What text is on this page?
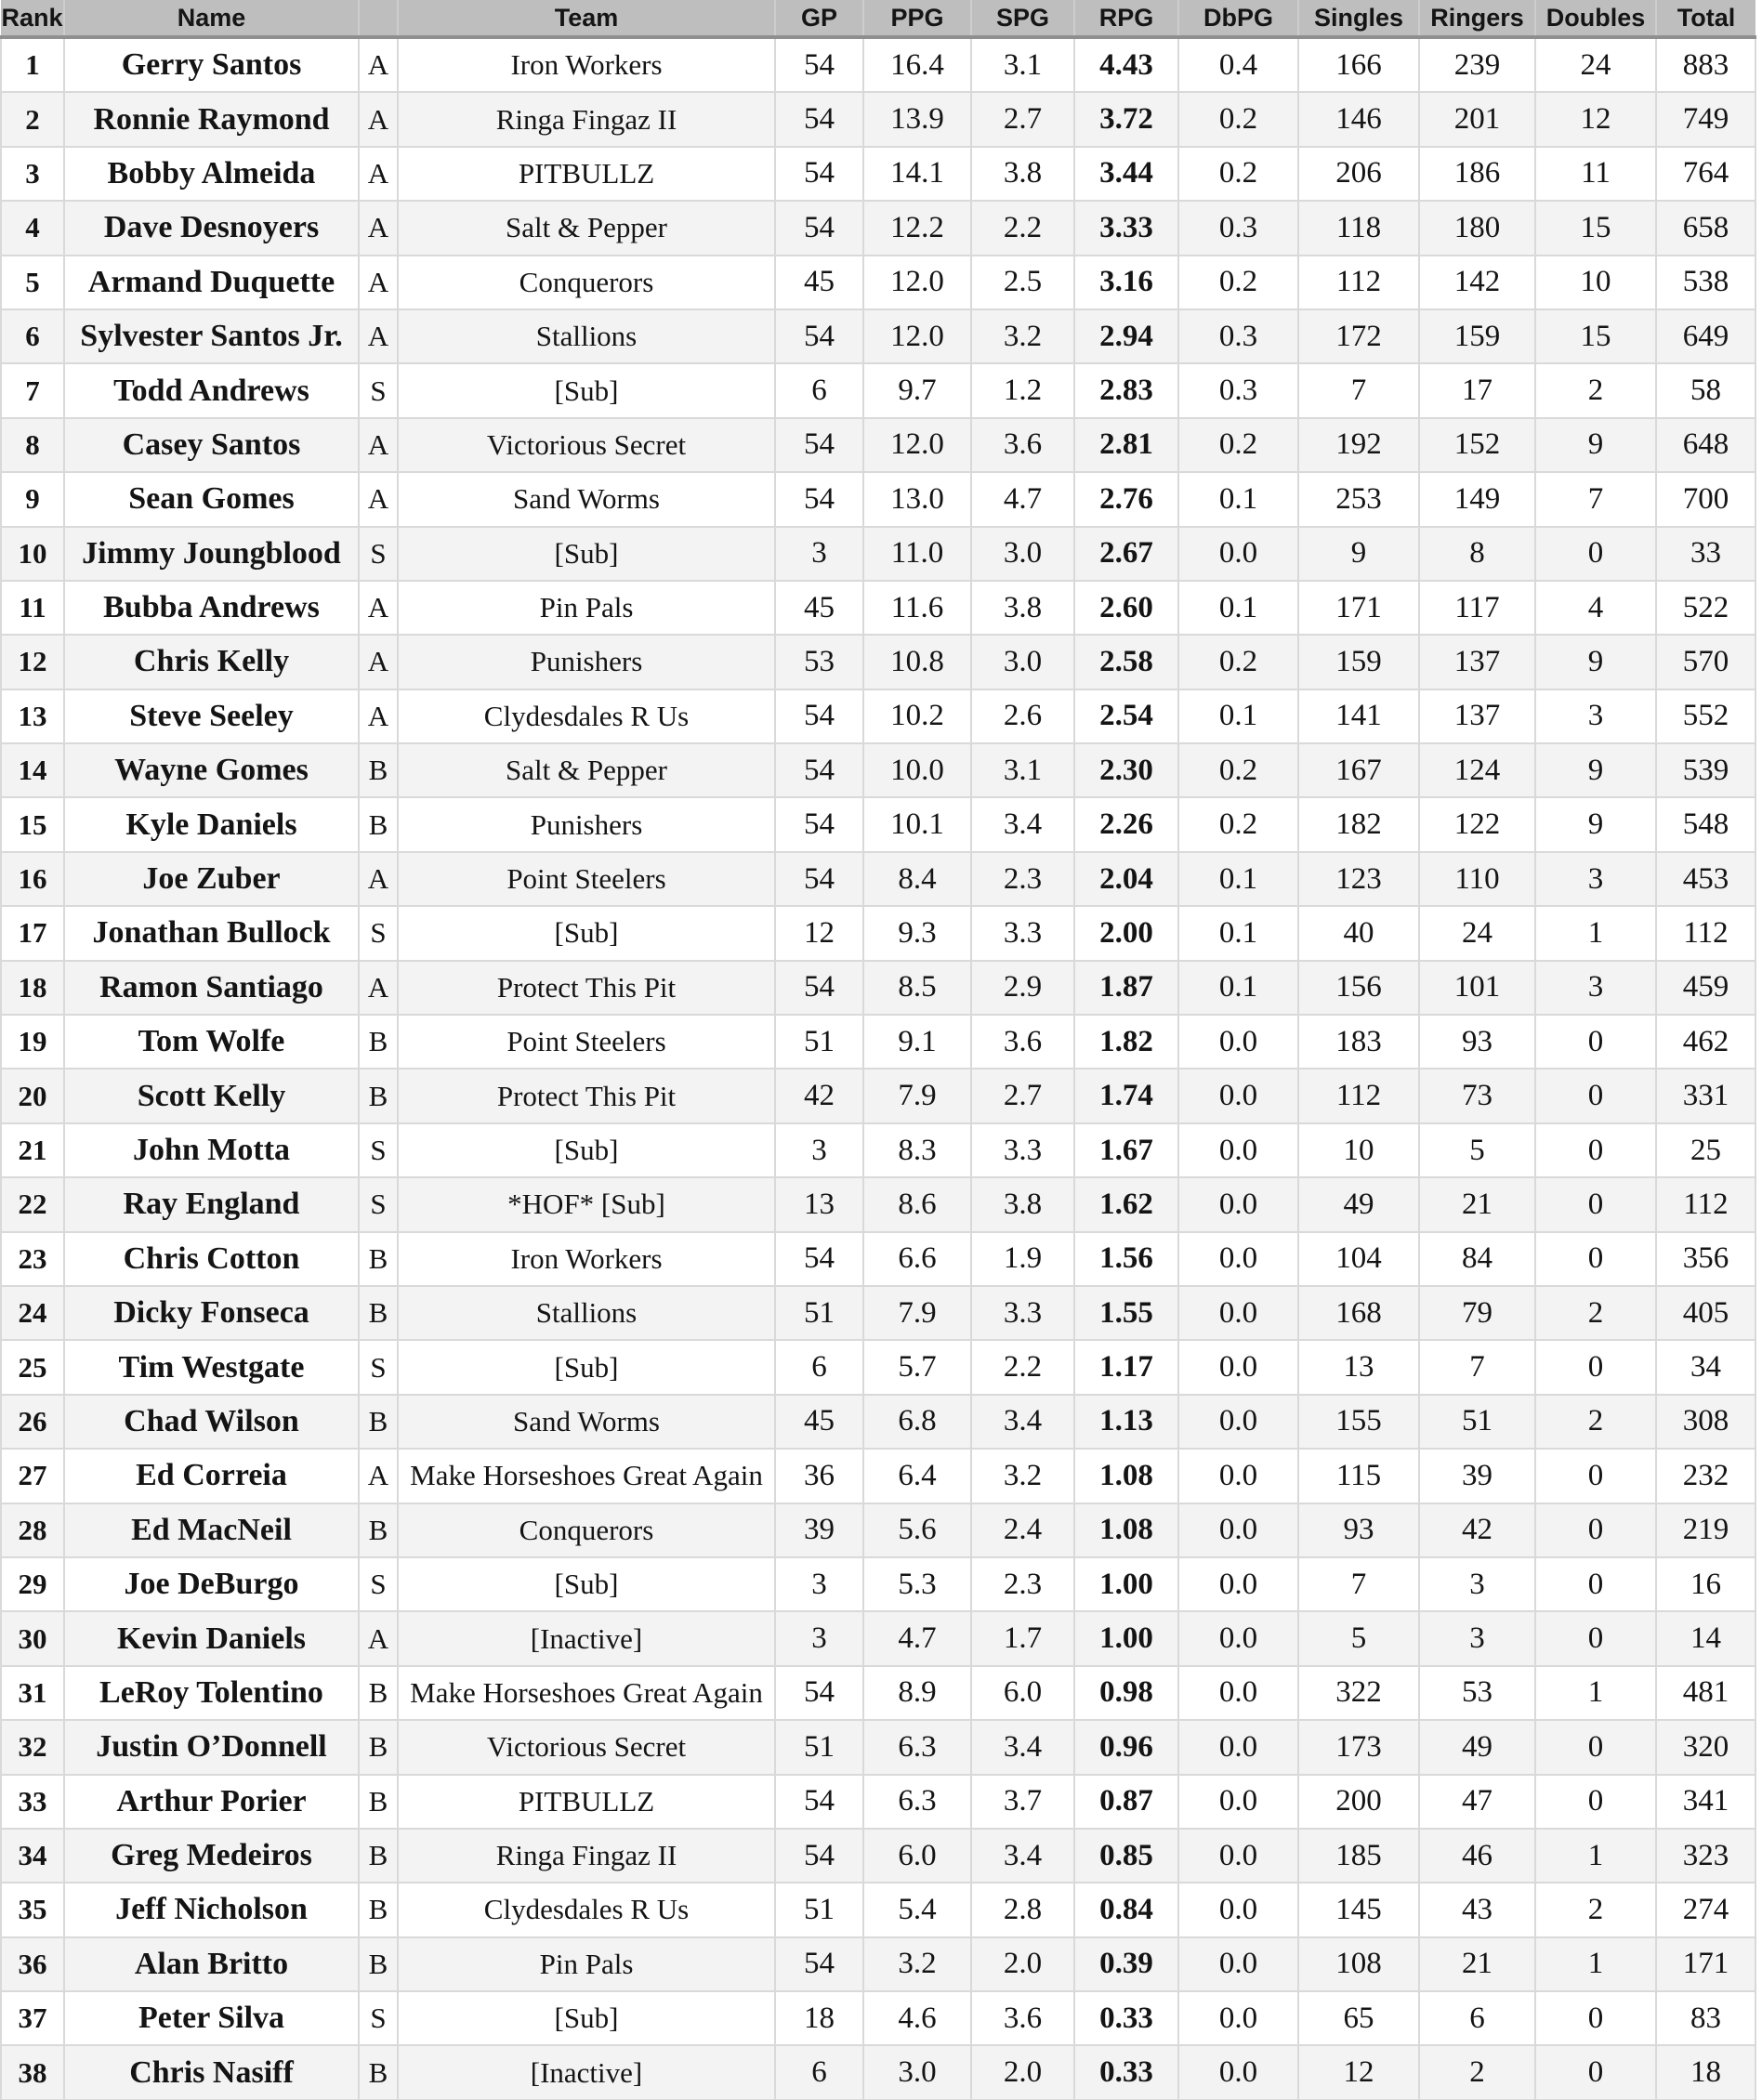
Rank	Name		Team	GP	PPG	SPG	RPG	DbPG	Singles	Ringers	Doubles	Total
1	Gerry Santos	A	Iron Workers	54	16.4	3.1	4.43	0.4	166	239	24	883
2	Ronnie Raymond	A	Ringa Fingaz II	54	13.9	2.7	3.72	0.2	146	201	12	749
3	Bobby Almeida	A	PITBULLZ	54	14.1	3.8	3.44	0.2	206	186	11	764
4	Dave Desnoyers	A	Salt & Pepper	54	12.2	2.2	3.33	0.3	118	180	15	658
5	Armand Duquette	A	Conquerors	45	12.0	2.5	3.16	0.2	112	142	10	538
6	Sylvester Santos Jr.	A	Stallions	54	12.0	3.2	2.94	0.3	172	159	15	649
7	Todd Andrews	S	[Sub]	6	9.7	1.2	2.83	0.3	7	17	2	58
8	Casey Santos	A	Victorious Secret	54	12.0	3.6	2.81	0.2	192	152	9	648
9	Sean Gomes	A	Sand Worms	54	13.0	4.7	2.76	0.1	253	149	7	700
10	Jimmy Joungblood	S	[Sub]	3	11.0	3.0	2.67	0.0	9	8	0	33
11	Bubba Andrews	A	Pin Pals	45	11.6	3.8	2.60	0.1	171	117	4	522
12	Chris Kelly	A	Punishers	53	10.8	3.0	2.58	0.2	159	137	9	570
13	Steve Seeley	A	Clydesdales R Us	54	10.2	2.6	2.54	0.1	141	137	3	552
14	Wayne Gomes	B	Salt & Pepper	54	10.0	3.1	2.30	0.2	167	124	9	539
15	Kyle Daniels	B	Punishers	54	10.1	3.4	2.26	0.2	182	122	9	548
16	Joe Zuber	A	Point Steelers	54	8.4	2.3	2.04	0.1	123	110	3	453
17	Jonathan Bullock	S	[Sub]	12	9.3	3.3	2.00	0.1	40	24	1	112
18	Ramon Santiago	A	Protect This Pit	54	8.5	2.9	1.87	0.1	156	101	3	459
19	Tom Wolfe	B	Point Steelers	51	9.1	3.6	1.82	0.0	183	93	0	462
20	Scott Kelly	B	Protect This Pit	42	7.9	2.7	1.74	0.0	112	73	0	331
21	John Motta	S	[Sub]	3	8.3	3.3	1.67	0.0	10	5	0	25
22	Ray England	S	*HOF* [Sub]	13	8.6	3.8	1.62	0.0	49	21	0	112
23	Chris Cotton	B	Iron Workers	54	6.6	1.9	1.56	0.0	104	84	0	356
24	Dicky Fonseca	B	Stallions	51	7.9	3.3	1.55	0.0	168	79	2	405
25	Tim Westgate	S	[Sub]	6	5.7	2.2	1.17	0.0	13	7	0	34
26	Chad Wilson	B	Sand Worms	45	6.8	3.4	1.13	0.0	155	51	2	308
27	Ed Correia	A	Make Horseshoes Great Again	36	6.4	3.2	1.08	0.0	115	39	0	232
28	Ed MacNeil	B	Conquerors	39	5.6	2.4	1.08	0.0	93	42	0	219
29	Joe DeBurgo	S	[Sub]	3	5.3	2.3	1.00	0.0	7	3	0	16
30	Kevin Daniels	A	[Inactive]	3	4.7	1.7	1.00	0.0	5	3	0	14
31	LeRoy Tolentino	B	Make Horseshoes Great Again	54	8.9	6.0	0.98	0.0	322	53	1	481
32	Justin O’Donnell	B	Victorious Secret	51	6.3	3.4	0.96	0.0	173	49	0	320
33	Arthur Porier	B	PITBULLZ	54	6.3	3.7	0.87	0.0	200	47	0	341
34	Greg Medeiros	B	Ringa Fingaz II	54	6.0	3.4	0.85	0.0	185	46	1	323
35	Jeff Nicholson	B	Clydesdales R Us	51	5.4	2.8	0.84	0.0	145	43	2	274
36	Alan Britto	B	Pin Pals	54	3.2	2.0	0.39	0.0	108	21	1	171
37	Peter Silva	S	[Sub]	18	4.6	3.6	0.33	0.0	65	6	0	83
38	Chris Nasiff	B	[Inactive]	6	3.0	2.0	0.33	0.0	12	2	0	18
